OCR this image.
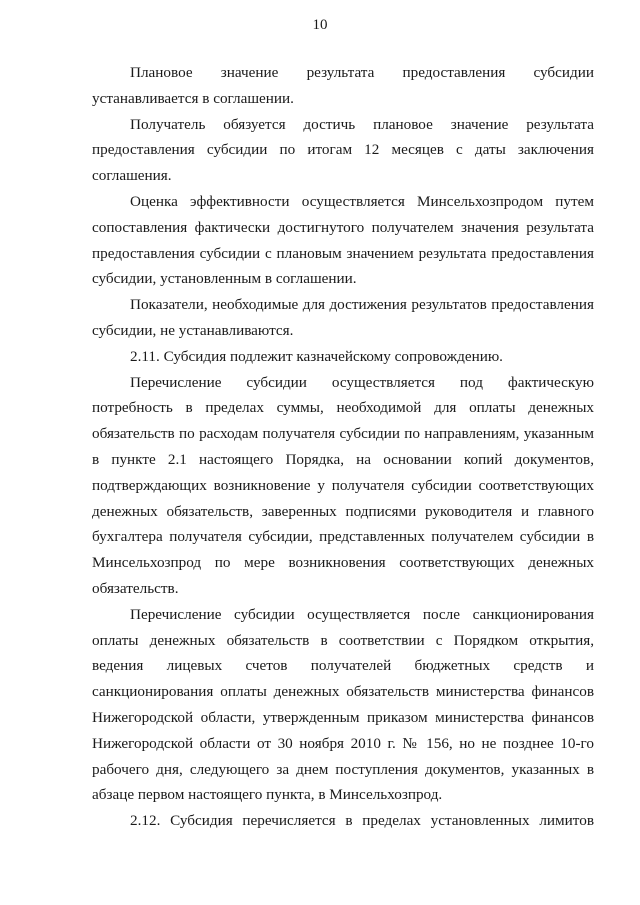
10

Плановое значение результата предоставления субсидии устанавливается в соглашении.

Получатель обязуется достичь плановое значение результата предоставления субсидии по итогам 12 месяцев с даты заключения соглашения.

Оценка эффективности осуществляется Минсельхозпродом путем сопоставления фактически достигнутого получателем значения результата предоставления субсидии с плановым значением результата предоставления субсидии, установленным в соглашении.

Показатели, необходимые для достижения результатов предоставления субсидии, не устанавливаются.

2.11. Субсидия подлежит казначейскому сопровождению.

Перечисление субсидии осуществляется под фактическую потребность в пределах суммы, необходимой для оплаты денежных обязательств по расходам получателя субсидии по направлениям, указанным в пункте 2.1 настоящего Порядка, на основании копий документов, подтверждающих возникновение у получателя субсидии соответствующих денежных обязательств, заверенных подписями руководителя и главного бухгалтера получателя субсидии, представленных получателем субсидии в Минсельхозпрод по мере возникновения соответствующих денежных обязательств.

Перечисление субсидии осуществляется после санкционирования оплаты денежных обязательств в соответствии с Порядком открытия, ведения лицевых счетов получателей бюджетных средств и санкционирования оплаты денежных обязательств министерства финансов Нижегородской области, утвержденным приказом министерства финансов Нижегородской области от 30 ноября 2010 г. № 156, но не позднее 10-го рабочего дня, следующего за днем поступления документов, указанных в абзаце первом настоящего пункта, в Минсельхозпрод.

2.12. Субсидия перечисляется в пределах установленных лимитов
